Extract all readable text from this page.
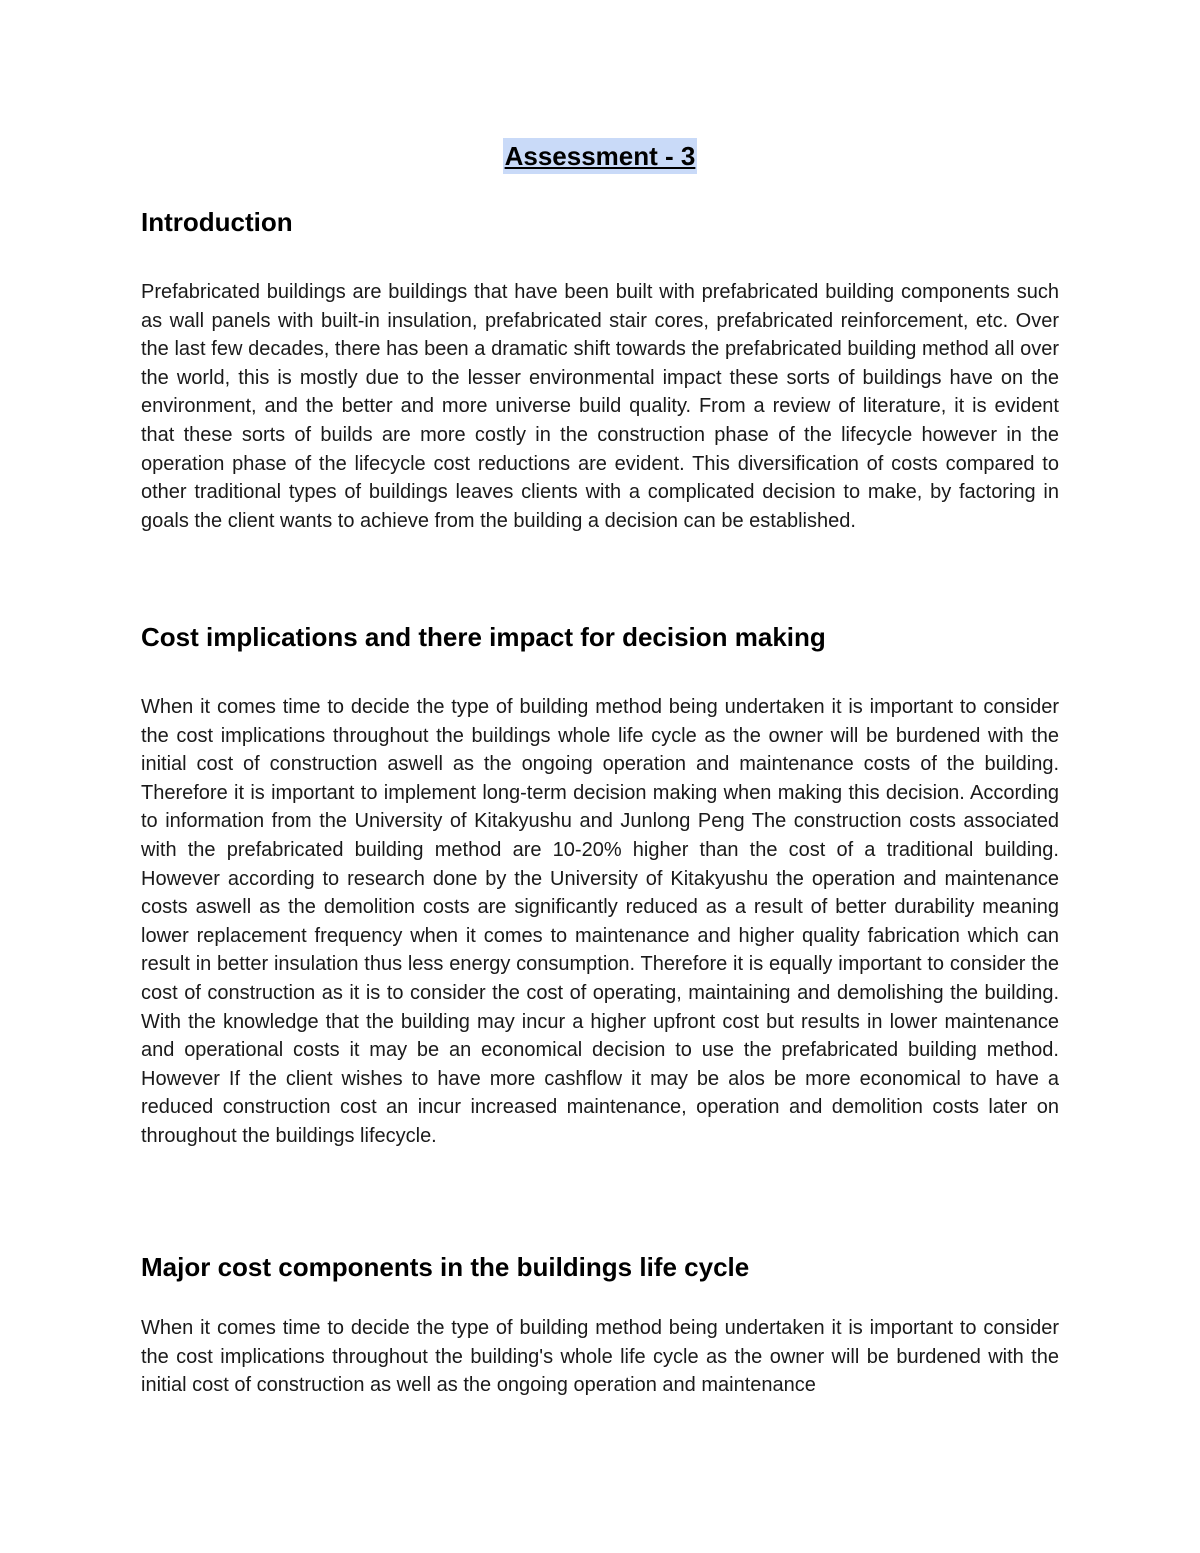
Assessment - 3
Introduction

Prefabricated buildings are buildings that have been built with prefabricated building components such as wall panels with built-in insulation, prefabricated stair cores, prefabricated reinforcement, etc. Over the last few decades, there has been a dramatic shift towards the prefabricated building method all over the world, this is mostly due to the lesser environmental impact these sorts of buildings have on the environment, and the better and more universe build quality. From a review of literature, it is evident that these sorts of builds are more costly in the construction phase of the lifecycle however in the operation phase of the lifecycle cost reductions are evident. This diversification of costs compared to other traditional types of buildings leaves clients with a complicated decision to make, by factoring in goals the client wants to achieve from the building a decision can be established.

Cost implications and there impact for decision making

When it comes time to decide the type of building method being undertaken it is important to consider the cost implications throughout the buildings whole life cycle as the owner will be burdened with the initial cost of construction aswell as the ongoing operation and maintenance costs of the building. Therefore it is important to implement long-term decision making when making this decision. According to information from the University of Kitakyushu and Junlong Peng The construction costs associated with the prefabricated building method are 10-20% higher than the cost of a traditional building. However according to research done by the University of Kitakyushu the operation and maintenance costs aswell as the demolition costs are significantly reduced as a result of better durability meaning lower replacement frequency when it comes to maintenance and higher quality fabrication which can result in better insulation thus less energy consumption. Therefore it is equally important to consider the cost of construction as it is to consider the cost of operating, maintaining and demolishing the building. With the knowledge that the building may incur a higher upfront cost but results in lower maintenance and operational costs it may be an economical decision to use the prefabricated building method. However If the client wishes to have more cashflow it may be alos be more economical to have a reduced construction cost an incur increased maintenance, operation and demolition costs later on throughout the buildings lifecycle.

Major cost components in the buildings life cycle

When it comes time to decide the type of building method being undertaken it is important to consider the cost implications throughout the building's whole life cycle as the owner will be burdened with the initial cost of construction as well as the ongoing operation and maintenance
